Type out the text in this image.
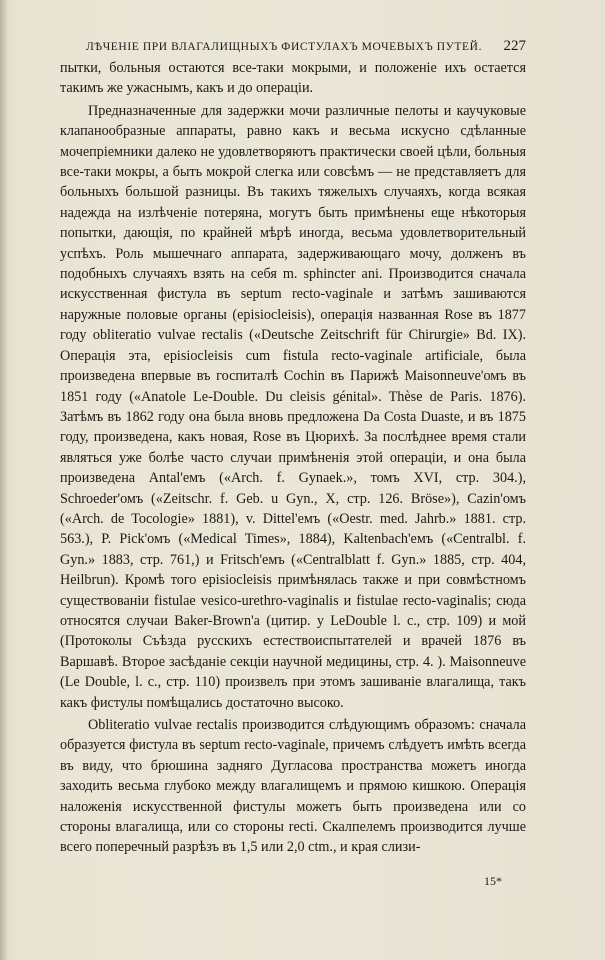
ЛѢЧЕНІЕ ПРИ ВЛАГАЛИЩНЫХЪ ФИСТУЛАХЪ МОЧЕВЫХЪ ПУТЕЙ. 227

пытки, больныя остаются все-таки мокрыми, и положеніе ихъ остается такимъ же ужаснымъ, какъ и до операціи.

Предназначенные для задержки мочи различные пелоты и каучуковые клапанообразные аппараты, равно какъ и весьма искусно сдѣланные мочепріемники далеко не удовлетворяютъ практически своей цѣли, больныя все-таки мокры, а быть мокрой слегка или совсѣмъ — не представляетъ для больныхъ большой разницы. Въ такихъ тяжелыхъ случаяхъ, когда всякая надежда на излѣченіе потеряна, могутъ быть примѣнены еще нѣкоторыя попытки, дающія, по крайней мѣрѣ иногда, весьма удовлетворительный успѣхъ. Роль мышечнаго аппарата, задерживающаго мочу, долженъ въ подобныхъ случаяхъ взять на себя m. sphincter ani. Производится сначала искусственная фистула въ septum recto-vaginale и затѣмъ зашиваются наружные половые органы (episiocleisis), операція названная Rose въ 1877 году obliteratio vulvae rectalis («Deutsche Zeitschrift für Chirurgie» Bd. IX). Операція эта, episiocleisis cum fistula recto-vaginale artificiale, была произведена впервые въ госпиталѣ Cochin въ Парижѣ Maisonneuve'омъ въ 1851 году («Anatole Le-Double. Du cleisis génital». Thèse de Paris. 1876). Затѣмъ въ 1862 году она была вновь предложена Da Costa Duaste, и въ 1875 году, произведена, какъ новая, Rose въ Цюрихѣ. За послѣднее время стали являться уже болѣе часто случаи примѣненія этой операціи, и она была произведена Antal'емъ («Arch. f. Gynaek.», томъ XVI, стр. 304.), Schroeder'омъ («Zeitschr. f. Geb. u Gyn., X, стр. 126. Bröse»), Cazin'омъ («Arch. de Tocologie» 1881), v. Dittel'емъ («Oestr. med. Jahrb.» 1881. стр. 563.), P. Pick'омъ («Medical Times», 1884), Kaltenbach'емъ («Centralbl. f. Gyn.» 1883, стр. 761,) и Fritsch'емъ («Centralblatt f. Gyn.» 1885, стр. 404, Heilbrun). Кромѣ того episiocleisis примѣнялась также и при совмѣстномъ существованіи fistulae vesico-urethro-vaginalis и fistulae recto-vaginalis; сюда относятся случаи Baker-Brown'а (цитир. у LeDouble l. c., стр. 109) и мой (Протоколы Съѣзда русскихъ естествоиспытателей и врачей 1876 въ Варшавѣ. Второе засѣданіе секціи научной медицины, стр. 4. ). Maisonneuve (Le Double, l. c., стр. 110) произвелъ при этомъ зашиваніе влагалища, такъ какъ фистулы помѣщались достаточно высоко.

Obliteratio vulvae rectalis производится слѣдующимъ образомъ: сначала образуется фистула въ septum recto-vaginale, причемъ слѣдуетъ имѣть всегда въ виду, что брюшина задняго Дугласова пространства можетъ иногда заходить весьма глубоко между влагалищемъ и прямою кишкою. Операція наложенія искусственной фистулы можетъ быть произведена или со стороны влагалища, или со стороны recti. Скалпелемъ производится лучше всего поперечный разрѣзъ въ 1,5 или 2,0 ctm., и края слизи-

15*
